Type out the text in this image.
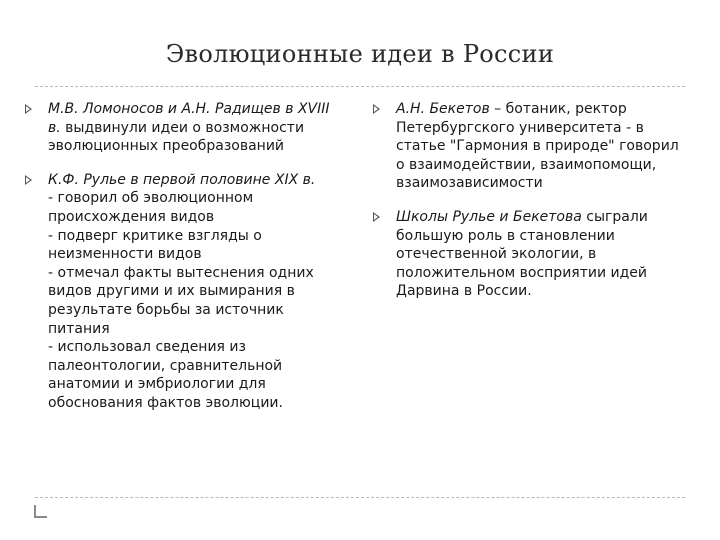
Эволюционные идеи в России

М.В. Ломоносов и А.Н. Радищев в XVIII в. выдвинули идеи о возможности эволюционных преобразований

К.Ф. Рулье в первой половине XIX в.

- говорил об эволюционном происхождения видов

- подверг критике взгляды о неизменности видов

- отмечал факты вытеснения одних видов другими и их вымирания в результате борьбы за источник питания

- использовал сведения из палеонтологии, сравнительной анатомии и эмбриологии для обоснования фактов эволюции.

А.Н. Бекетов – ботаник, ректор Петербургского университета - в статье "Гармония в природе" говорил о взаимодействии, взаимопомощи, взаимозависимости

Школы Рулье и Бекетова сыграли большую роль в становлении отечественной экологии, в положительном восприятии идей Дарвина в России.
